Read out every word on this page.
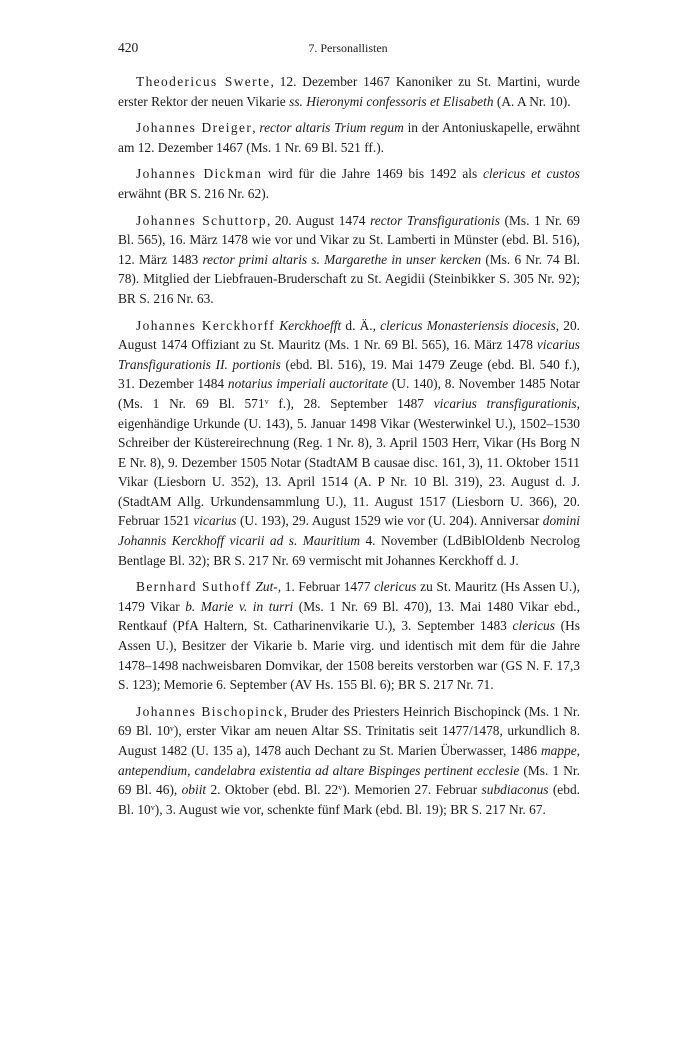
420	7. Personallisten

Theodericus Swerte, 12. Dezember 1467 Kanoniker zu St. Martini, wurde erster Rektor der neuen Vikarie ss. Hieronymi confessoris et Elisabeth (A. A Nr. 10).

Johannes Dreiger, rector altaris Trium regum in der Antoniuskapelle, erwähnt am 12. Dezember 1467 (Ms. 1 Nr. 69 Bl. 521 ff.).

Johannes Dickman wird für die Jahre 1469 bis 1492 als clericus et custos erwähnt (BR S. 216 Nr. 62).

Johannes Schuttorp, 20. August 1474 rector Transfigurationis (Ms. 1 Nr. 69 Bl. 565), 16. März 1478 wie vor und Vikar zu St. Lamberti in Münster (ebd. Bl. 516), 12. März 1483 rector primi altaris s. Margarethe in unser kercken (Ms. 6 Nr. 74 Bl. 78). Mitglied der Liebfrauen-Bruderschaft zu St. Aegidii (Steinbikker S. 305 Nr. 92); BR S. 216 Nr. 63.

Johannes Kerckhorff Kerckhoefft d. Ä., clericus Monasteriensis diocesis, 20. August 1474 Offiziant zu St. Mauritz (Ms. 1 Nr. 69 Bl. 565), 16. März 1478 vicarius Transfigurationis II. portionis (ebd. Bl. 516), 19. Mai 1479 Zeuge (ebd. Bl. 540 f.), 31. Dezember 1484 notarius imperiali auctoritate (U. 140), 8. November 1485 Notar (Ms. 1 Nr. 69 Bl. 571$^v$ f.), 28. September 1487 vicarius transfigurationis, eigenhändige Urkunde (U. 143), 5. Januar 1498 Vikar (Westerwinkel U.), 1502–1530 Schreiber der Küstereirechnung (Reg. 1 Nr. 8), 3. April 1503 Herr, Vikar (Hs Borg N E Nr. 8), 9. Dezember 1505 Notar (StadtAM B causae disc. 161, 3), 11. Oktober 1511 Vikar (Liesborn U. 352), 13. April 1514 (A. P Nr. 10 Bl. 319), 23. August d. J. (StadtAM Allg. Urkundensammlung U.), 11. August 1517 (Liesborn U. 366), 20. Februar 1521 vicarius (U. 193), 29. August 1529 wie vor (U. 204). Anniversar domini Johannis Kerckhoff vicarii ad s. Mauritium 4. November (LdBiblOldenb Necrolog Bentlage Bl. 32); BR S. 217 Nr. 69 vermischt mit Johannes Kerckhoff d. J.

Bernhard Suthoff Zut-, 1. Februar 1477 clericus zu St. Mauritz (Hs Assen U.), 1479 Vikar b. Marie v. in turri (Ms. 1 Nr. 69 Bl. 470), 13. Mai 1480 Vikar ebd., Rentkauf (PfA Haltern, St. Catharinenvikarie U.), 3. September 1483 clericus (Hs Assen U.), Besitzer der Vikarie b. Marie virg. und identisch mit dem für die Jahre 1478–1498 nachweisbaren Domvikar, der 1508 bereits verstorben war (GS N. F. 17,3 S. 123); Memorie 6. September (AV Hs. 155 Bl. 6); BR S. 217 Nr. 71.

Johannes Bischopinck, Bruder des Priesters Heinrich Bischopinck (Ms. 1 Nr. 69 Bl. 10$^v$), erster Vikar am neuen Altar SS. Trinitatis seit 1477/1478, urkundlich 8. August 1482 (U. 135 a), 1478 auch Dechant zu St. Marien Überwasser, 1486 mappe, antependium, candelabra existentia ad altare Bispinges pertinent ecclesie (Ms. 1 Nr. 69 Bl. 46), obiit 2. Oktober (ebd. Bl. 22$^v$). Memorien 27. Februar subdiaconus (ebd. Bl. 10$^v$), 3. August wie vor, schenkte fünf Mark (ebd. Bl. 19); BR S. 217 Nr. 67.
